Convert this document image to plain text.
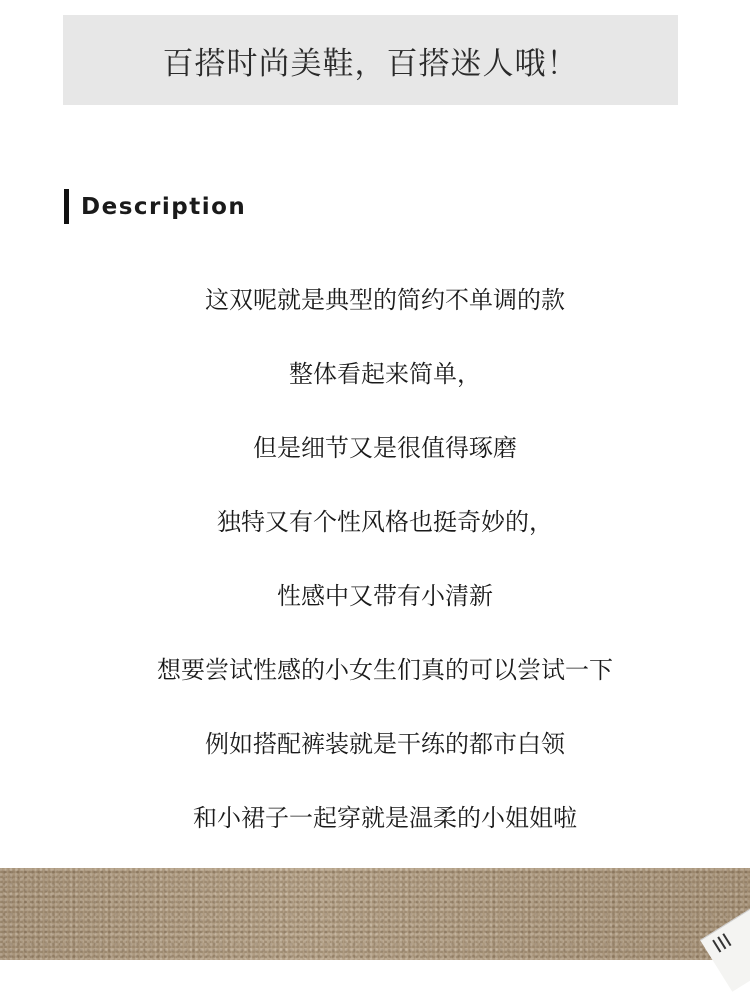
百搭时尚美鞋，百搭迷人哦！
Description
这双呢就是典型的简约不单调的款
整体看起来简单，
但是细节又是很值得琢磨
独特又有个性风格也挺奇妙的，
性感中又带有小清新
想要尝试性感的小女生们真的可以尝试一下
例如搭配裤装就是干练的都市白领
和小裙子一起穿就是温柔的小姐姐啦
